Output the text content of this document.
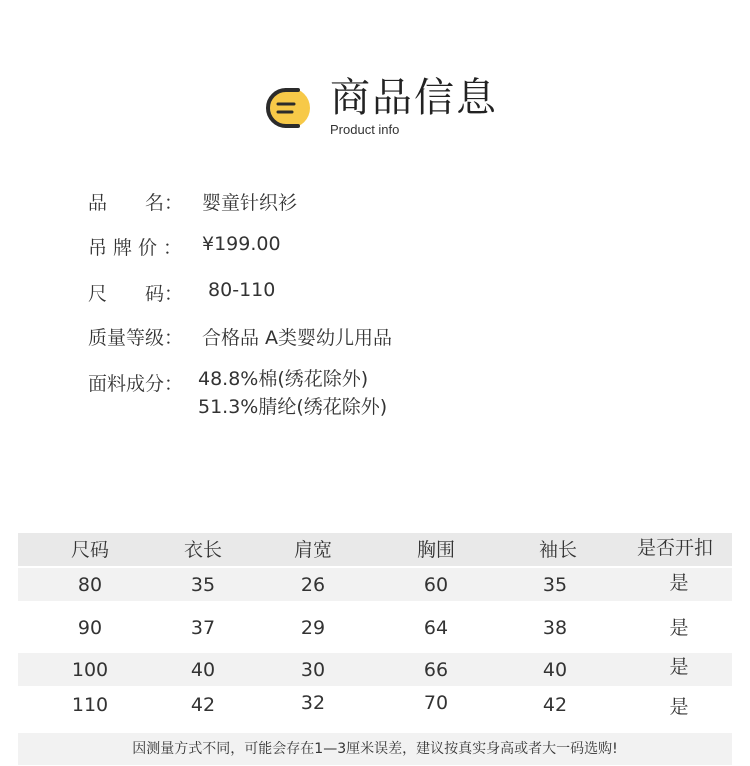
商品信息
Product info
品　　名： 婴童针织衫
吊牌价： ¥199.00
尺　　码： 80-110
质量等级： 合格品 A类婴幼儿用品
面料成分： 48.8%棉(绣花除外)
51.3%腈纶(绣花除外)
尺码	衣长	肩宽	胸围	袖长	是否开扣
80	35	26	60	35	是
90	37	29	64	38	是
100	40	30	66	40	是
110	42	32	70	42	是
因测量方式不同，可能会存在1—3厘米误差，建议按真实身高或者大一码选购!
